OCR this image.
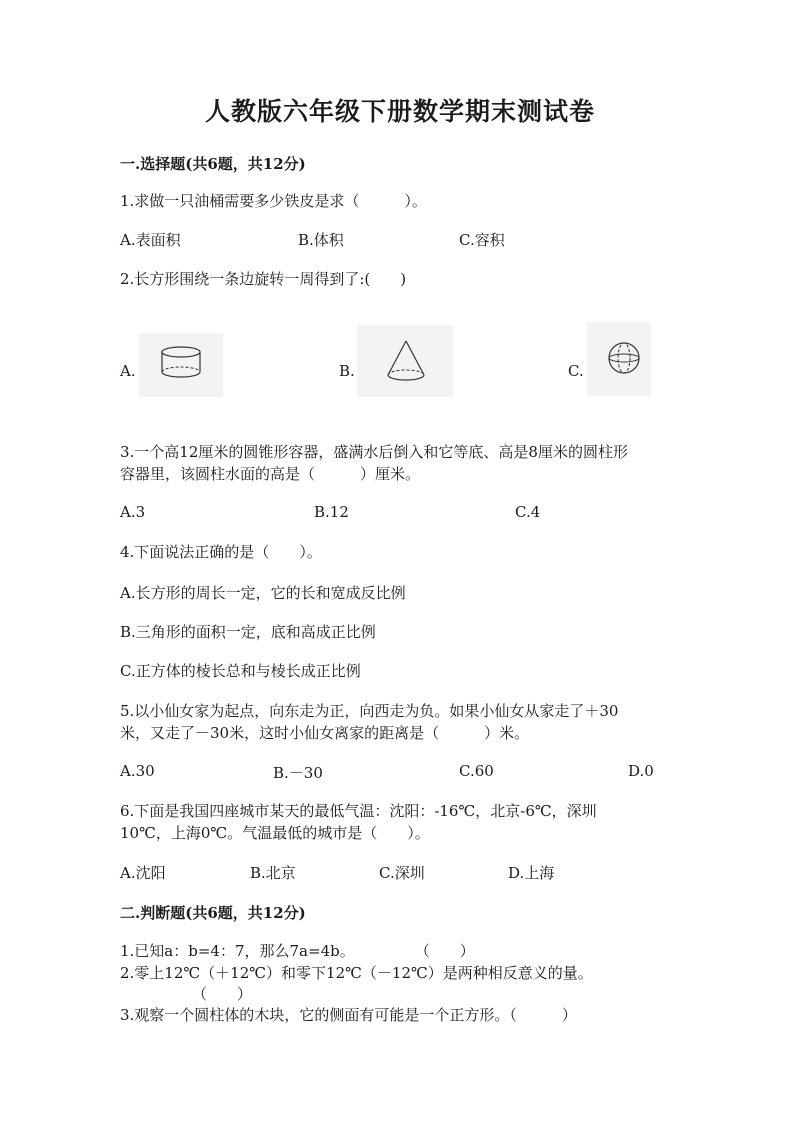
人教版六年级下册数学期末测试卷
一.选择题(共6题，共12分)
1.求做一只油桶需要多少铁皮是求（　　　）。
A.表面积	B.体积	C.容积
2.长方形围绕一条边旋转一周得到了:(　　)
A.	B.	C.
3.一个高12厘米的圆锥形容器，盛满水后倒入和它等底、高是8厘米的圆柱形
容器里，该圆柱水面的高是（　　　）厘米。
A.3	B.12	C.4
4.下面说法正确的是（　　）。
A.长方形的周长一定，它的长和宽成反比例
B.三角形的面积一定，底和高成正比例
C.正方体的棱长总和与棱长成正比例
5.以小仙女家为起点，向东走为正，向西走为负。如果小仙女从家走了＋30
米，又走了－30米，这时小仙女离家的距离是（　　　）米。
A.30	B.－30	C.60	D.0
6.下面是我国四座城市某天的最低气温：沈阳：-16℃，北京-6℃，深圳
10℃，上海0℃。气温最低的城市是（　　）。
A.沈阳	B.北京	C.深圳	D.上海
二.判断题(共6题，共12分)
1.已知a：b=4：7，那么7a=4b。　　　　　（　　）
2.零上12℃（＋12℃）和零下12℃（－12℃）是两种相反意义的量。
（　　）
3.观察一个圆柱体的木块，它的侧面有可能是一个正方形。（　　　）
